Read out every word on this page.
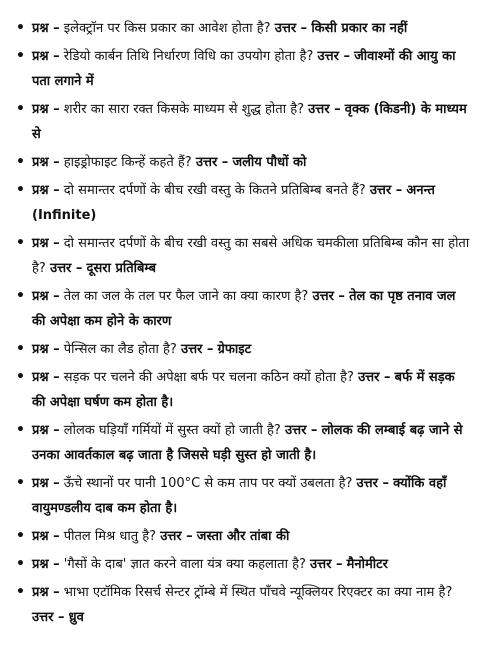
• प्रश्न – इलेक्ट्रॉन पर किस प्रकार का आवेश होता है? उत्तर – किसी प्रकार का नहीं
• प्रश्न – रेडियो कार्बन तिथि निर्धारण विधि का उपयोग होता है? उत्तर – जीवाश्मों की आयु का पता लगाने में
• प्रश्न – शरीर का सारा रक्त किसके माध्यम से शुद्ध होता है? उत्तर – वृक्क (किडनी) के माध्यम से
• प्रश्न – हाइड्रोफाइट किन्हें कहते हैं? उत्तर – जलीय पौधों को
• प्रश्न – दो समान्तर दर्पणों के बीच रखी वस्तु के कितने प्रतिबिम्ब बनते हैं? उत्तर – अनन्त (Infinite)
• प्रश्न – दो समान्तर दर्पणों के बीच रखी वस्तु का सबसे अधिक चमकीला प्रतिबिम्ब कौन सा होता है? उत्तर – दूसरा प्रतिबिम्ब
• प्रश्न – तेल का जल के तल पर फैल जाने का क्या कारण है? उत्तर – तेल का पृष्ठ तनाव जल की अपेक्षा कम होने के कारण
• प्रश्न – पेन्सिल का लैड होता है? उत्तर – ग्रेफाइट
• प्रश्न – सड़क पर चलने की अपेक्षा बर्फ पर चलना कठिन क्यों होता है? उत्तर – बर्फ में सड़क की अपेक्षा घर्षण कम होता है।
• प्रश्न – लोलक घड़ियाँ गर्मियों में सुस्त क्यों हो जाती है? उत्तर – लोलक की लम्बाई बढ़ जाने से उनका आवर्तकाल बढ़ जाता है जिससे घड़ी सुस्त हो जाती है।
• प्रश्न – ऊँचे स्थानों पर पानी 100°C से कम ताप पर क्यों उबलता है? उत्तर – क्योंकि वहाँ वायुमण्डलीय दाब कम होता है।
• प्रश्न – पीतल मिश्र धातु है? उत्तर – जस्ता और तांबा की
• प्रश्न – 'गैसों के दाब' ज्ञात करने वाला यंत्र क्या कहलाता है? उत्तर – मैनोमीटर
• प्रश्न – भाभा एटॉमिक रिसर्च सेन्टर ट्रॉम्बे में स्थित पाँचवे न्यूक्लियर रिएक्टर का क्या नाम है? उत्तर – ध्रुव
